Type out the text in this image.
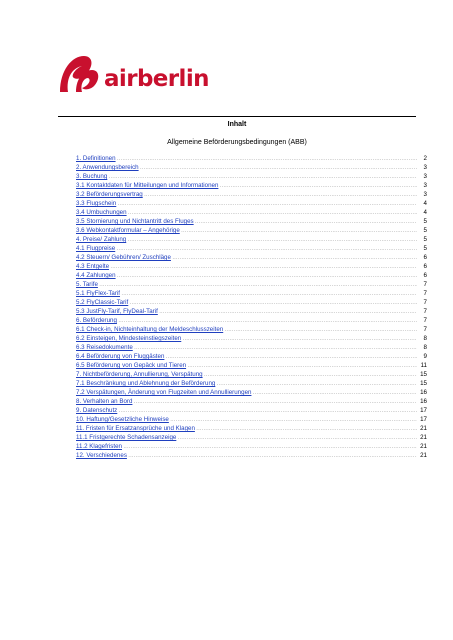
airberlin
Inhalt
Allgemeine Beförderungsbedingungen (ABB)
1. Definitionen .....	2
2. Anwendungsbereich .....	3
3. Buchung .....	3
3.1 Kontaktdaten für Mitteilungen und Informationen .....	3
3.2 Beförderungsvertrag .....	3
3.3 Flugschein .....	4
3.4 Umbuchungen .....	4
3.5 Stornierung und Nichtantritt des Fluges .....	5
3.6 Webkontaktformular – Angehörige .....	5
4. Preise/ Zahlung .....	5
4.1 Flugpreise .....	5
4.2 Steuern/ Gebühren/ Zuschläge .....	6
4.3 Entgelte .....	6
4.4 Zahlungen .....	6
5. Tarife .....	7
5.1 FlyFlex-Tarif .....	7
5.2 FlyClassic-Tarif .....	7
5.3 JustFly-Tarif, FlyDeal-Tarif .....	7
6. Beförderung .....	7
6.1 Check-in, Nichteinhaltung der Meldeschlusszeiten .....	7
6.2 Einsteigen, Mindesteinstiegszeiten .....	8
6.3 Reisedokumente .....	8
6.4 Beförderung von Fluggästen .....	9
6.5 Beförderung von Gepäck und Tieren .....	11
7. Nichtbeförderung, Annullierung, Verspätung .....	15
7.1 Beschränkung und Ablehnung der Beförderung .....	15
7.2 Verspätungen, Änderung von Flugzeiten und Annullierungen .....	16
8. Verhalten an Bord .....	16
9. Datenschutz .....	17
10. Haftung/Gesetzliche Hinweise .....	17
11. Fristen für Ersatzansprüche und Klagen .....	21
11.1 Fristgerechte Schadensanzeige .....	21
11.2 Klagefristen .....	21
12. Verschiedenes .....	21
